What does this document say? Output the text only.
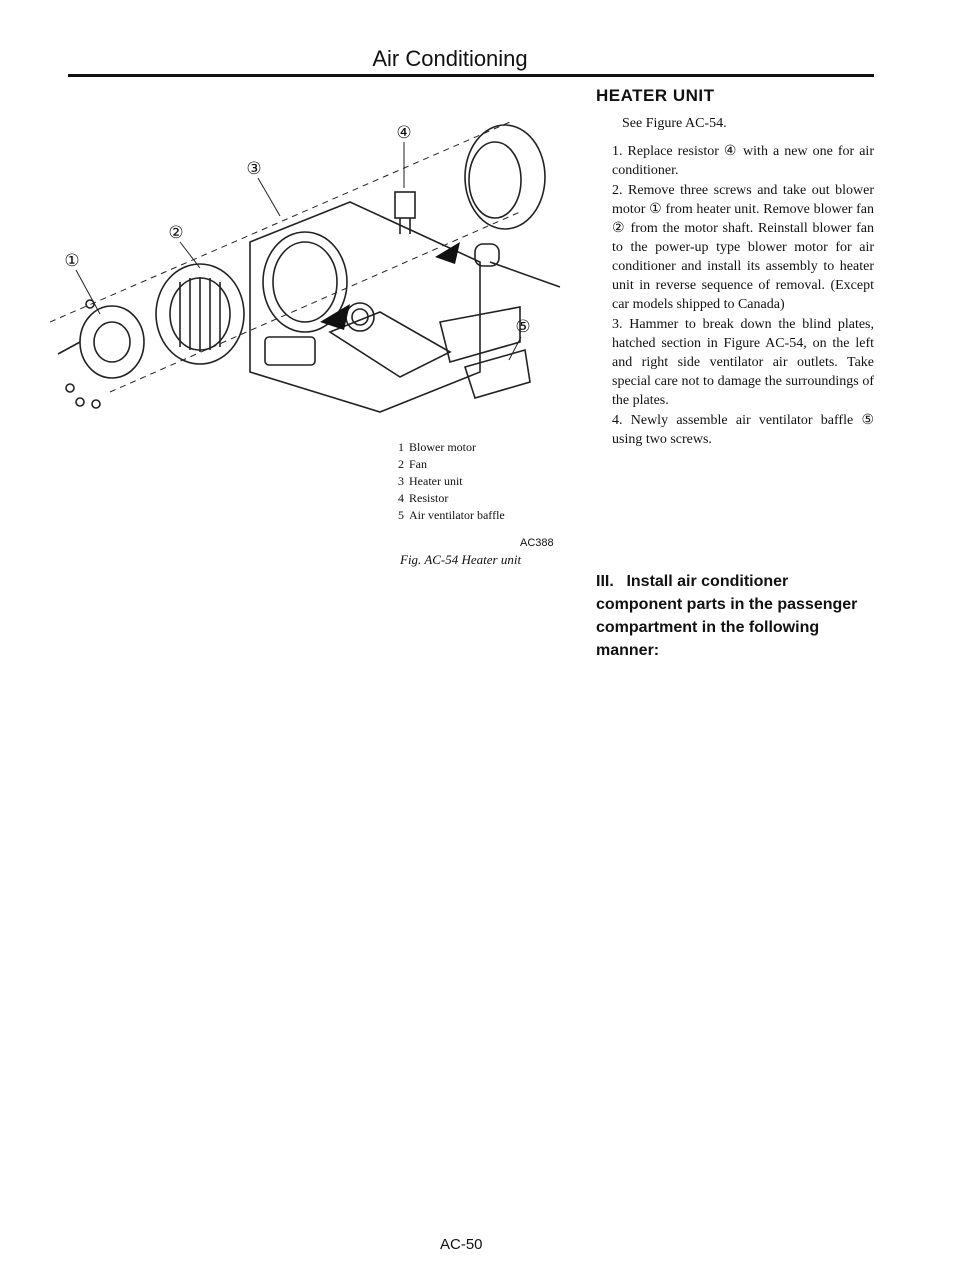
Air Conditioning
①
②
③
④
⑤
1 Blower motor
2 Fan
3 Heater unit
4 Resistor
5 Air ventilator baffle
AC388
Fig. AC-54 Heater unit
HEATER UNIT
See Figure AC-54.

1. Replace resistor ④ with a new one for air conditioner.

2. Remove three screws and take out blower motor ① from heater unit. Remove blower fan ② from the motor shaft. Reinstall blower fan to the power-up type blower motor for air conditioner and install its assembly to heater unit in reverse sequence of removal. (Except car models shipped to Canada)

3. Hammer to break down the blind plates, hatched section in Figure AC-54, on the left and right side ventilator air outlets. Take special care not to damage the surroundings of the plates.

4. Newly assemble air ventilator baffle ⑤ using two screws.

III. Install air conditioner component parts in the passenger compartment in the following manner:
AC-50
